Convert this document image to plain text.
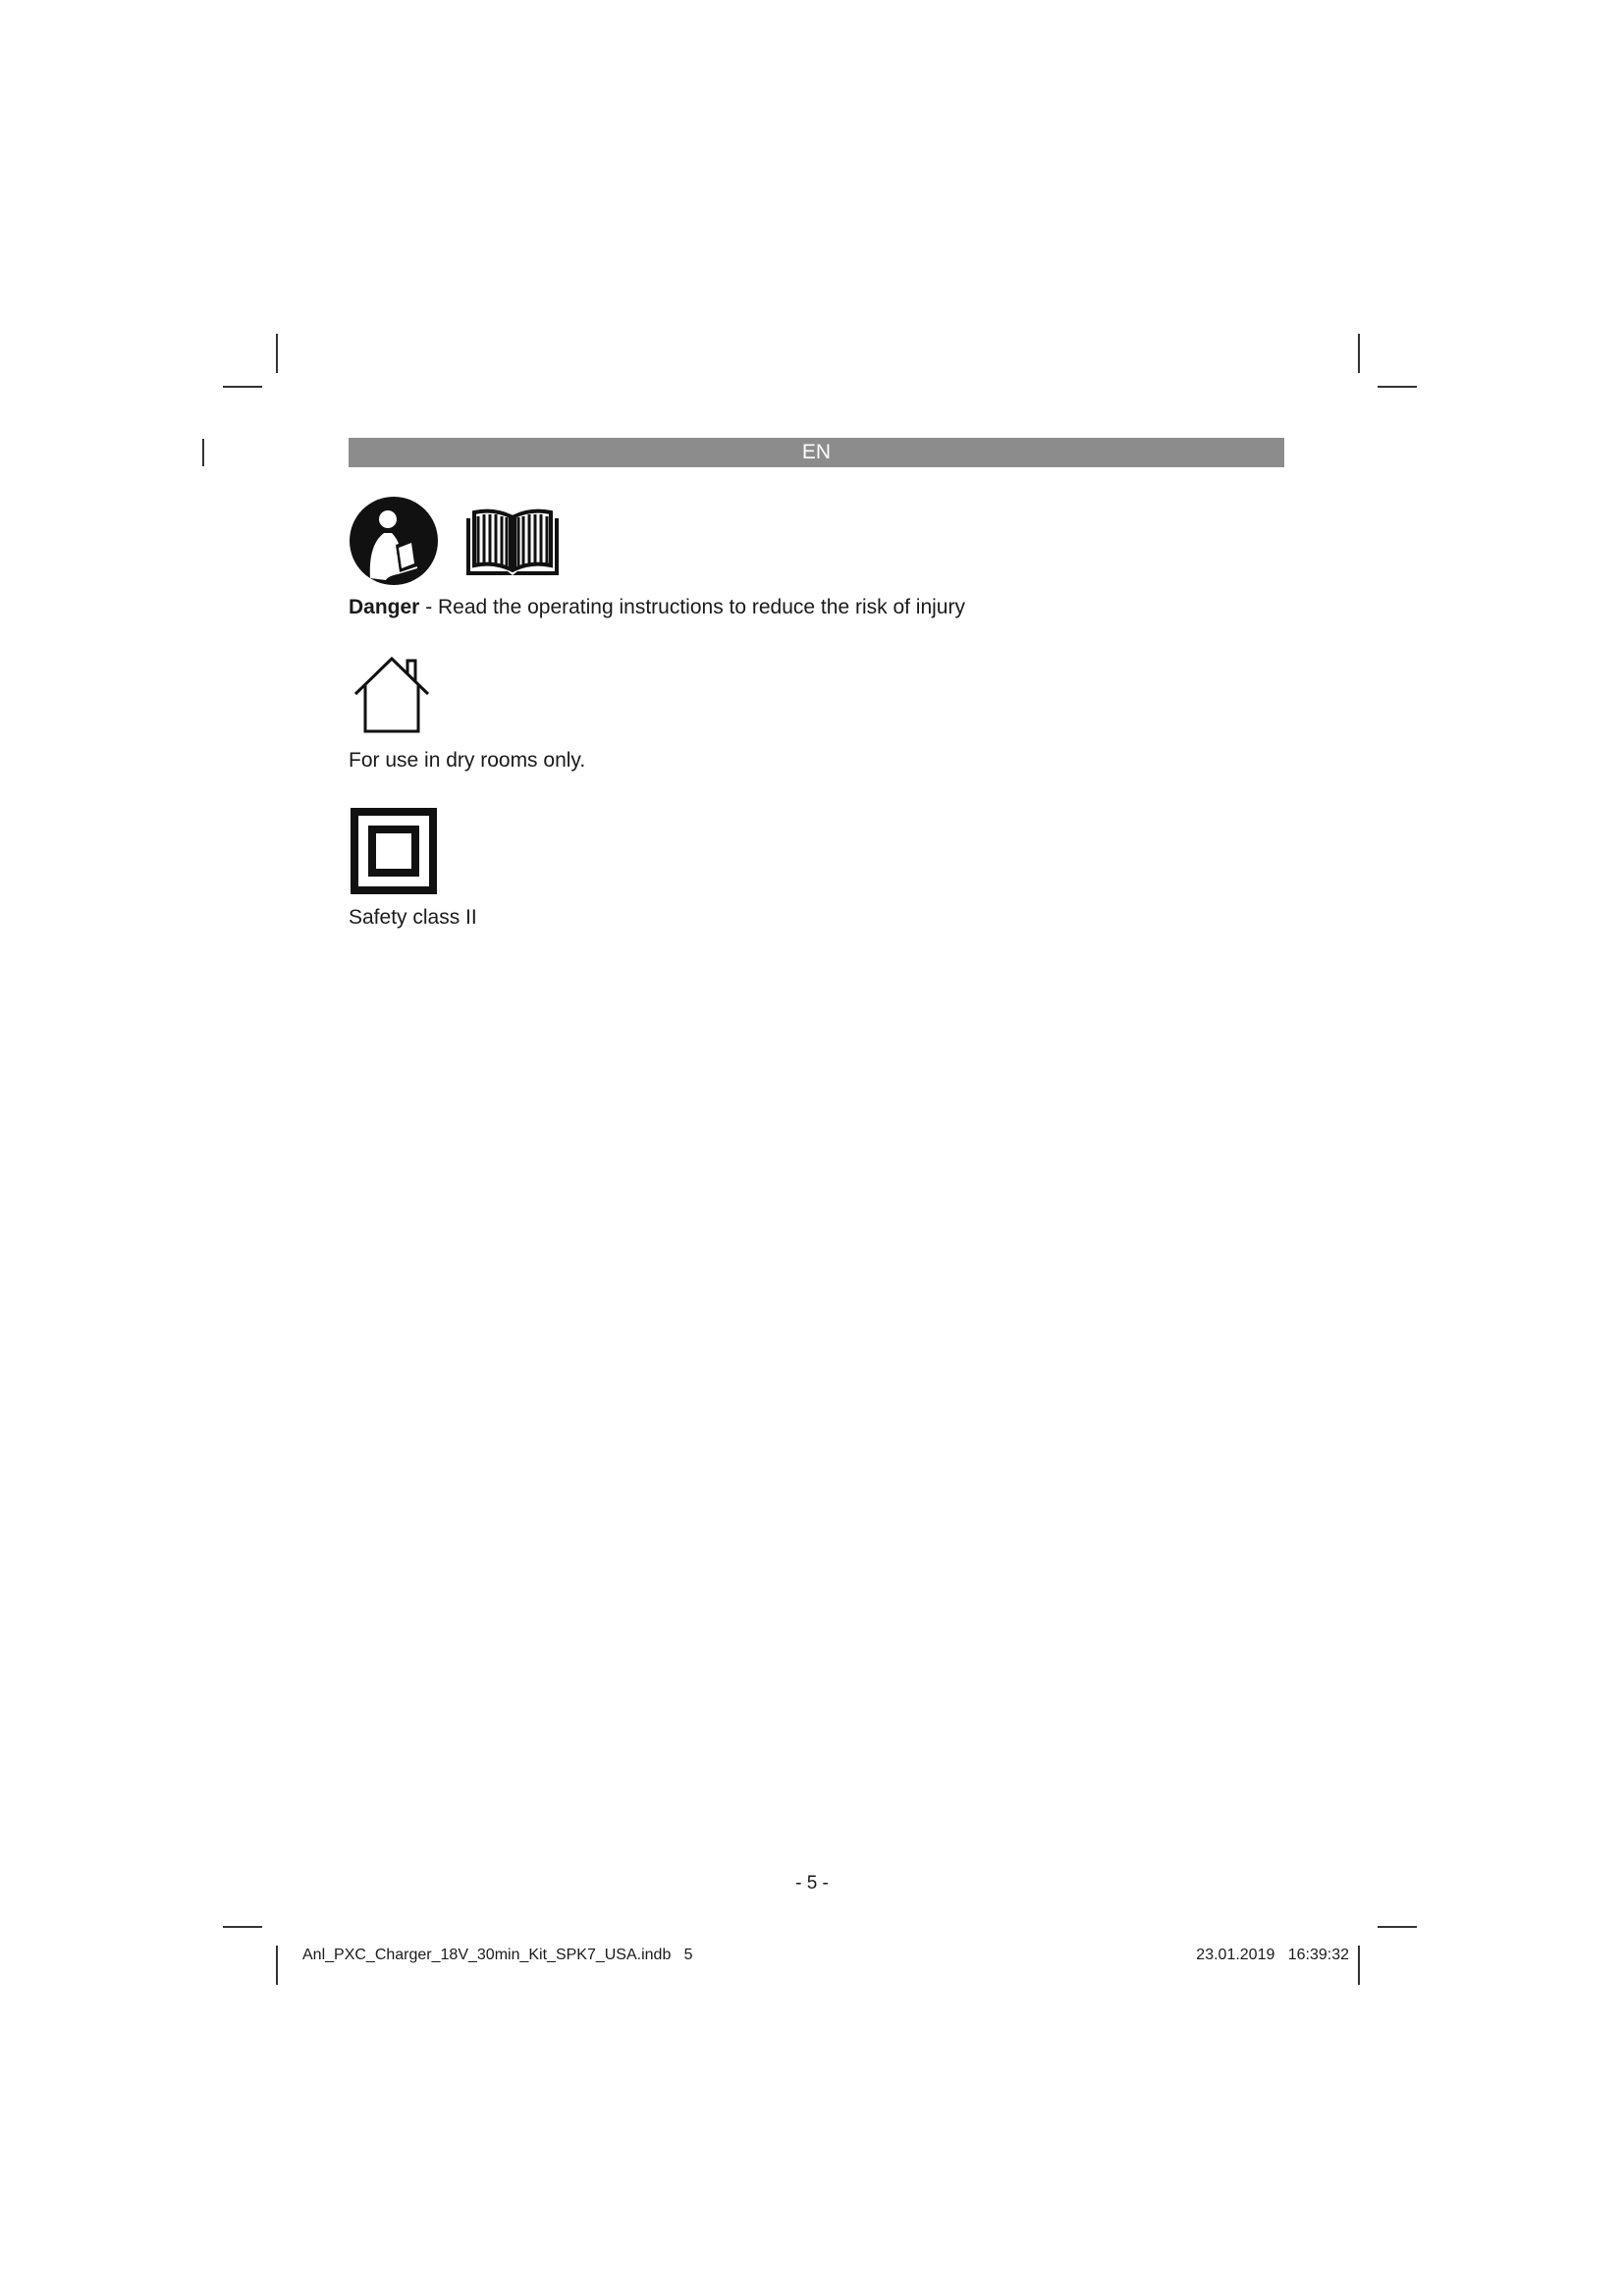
EN
Danger - Read the operating instructions to reduce the risk of injury
For use in dry rooms only.
Safety class II
- 5 -
Anl_PXC_Charger_18V_30min_Kit_SPK7_USA.indb   5	23.01.2019   16:39:32
